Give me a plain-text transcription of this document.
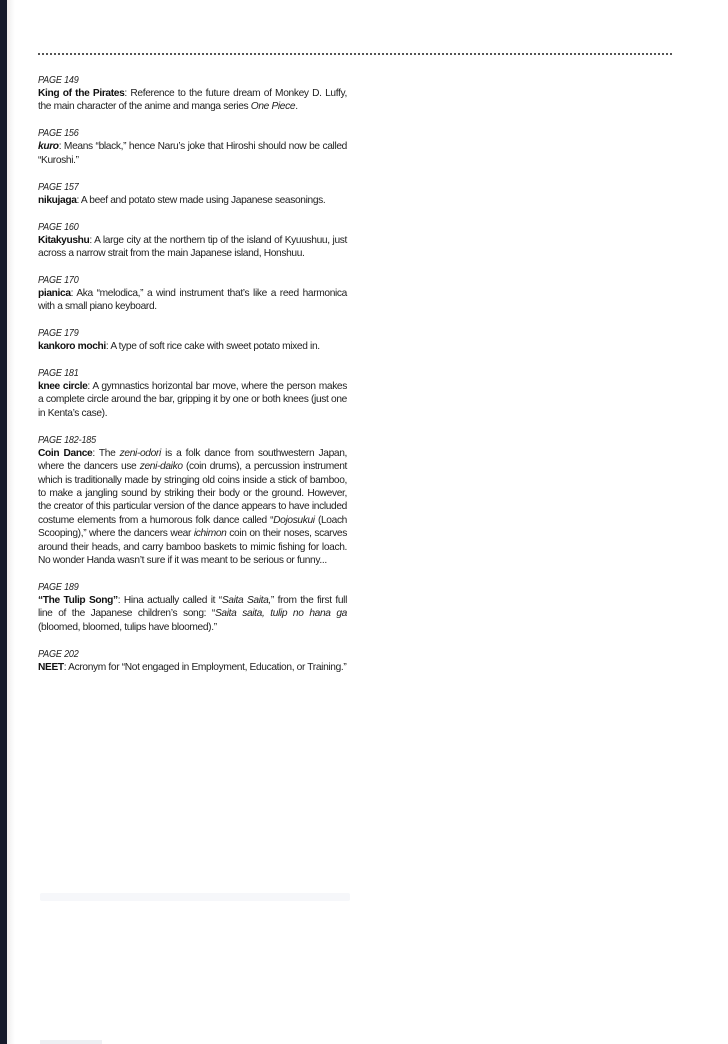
PAGE 149
King of the Pirates: Reference to the future dream of Monkey D. Luffy, the main character of the anime and manga series One Piece.
PAGE 156
kuro: Means “black,” hence Naru’s joke that Hiroshi should now be called “Kuroshi.”
PAGE 157
nikujaga: A beef and potato stew made using Japanese seasonings.
PAGE 160
Kitakyushu: A large city at the northern tip of the island of Kyuushuu, just across a narrow strait from the main Japanese island, Honshuu.
PAGE 170
pianica: Aka “melodica,” a wind instrument that’s like a reed harmonica with a small piano keyboard.
PAGE 179
kankoro mochi: A type of soft rice cake with sweet potato mixed in.
PAGE 181
knee circle: A gymnastics horizontal bar move, where the person makes a complete circle around the bar, gripping it by one or both knees (just one in Kenta’s case).
PAGE 182-185
Coin Dance: The zeni-odori is a folk dance from southwestern Japan, where the dancers use zeni-daiko (coin drums), a percussion instrument which is traditionally made by stringing old coins inside a stick of bamboo, to make a jangling sound by striking their body or the ground. However, the creator of this particular version of the dance appears to have included costume elements from a humorous folk dance called “Dojosukui (Loach Scooping),” where the dancers wear ichimon coin on their noses, scarves around their heads, and carry bamboo baskets to mimic fishing for loach. No wonder Handa wasn’t sure if it was meant to be serious or funny...
PAGE 189
“The Tulip Song”: Hina actually called it “Saita Saita,” from the first full line of the Japanese children’s song: “Saita saita, tulip no hana ga (bloomed, bloomed, tulips have bloomed).”
PAGE 202
NEET: Acronym for “Not engaged in Employment, Education, or Training.”
